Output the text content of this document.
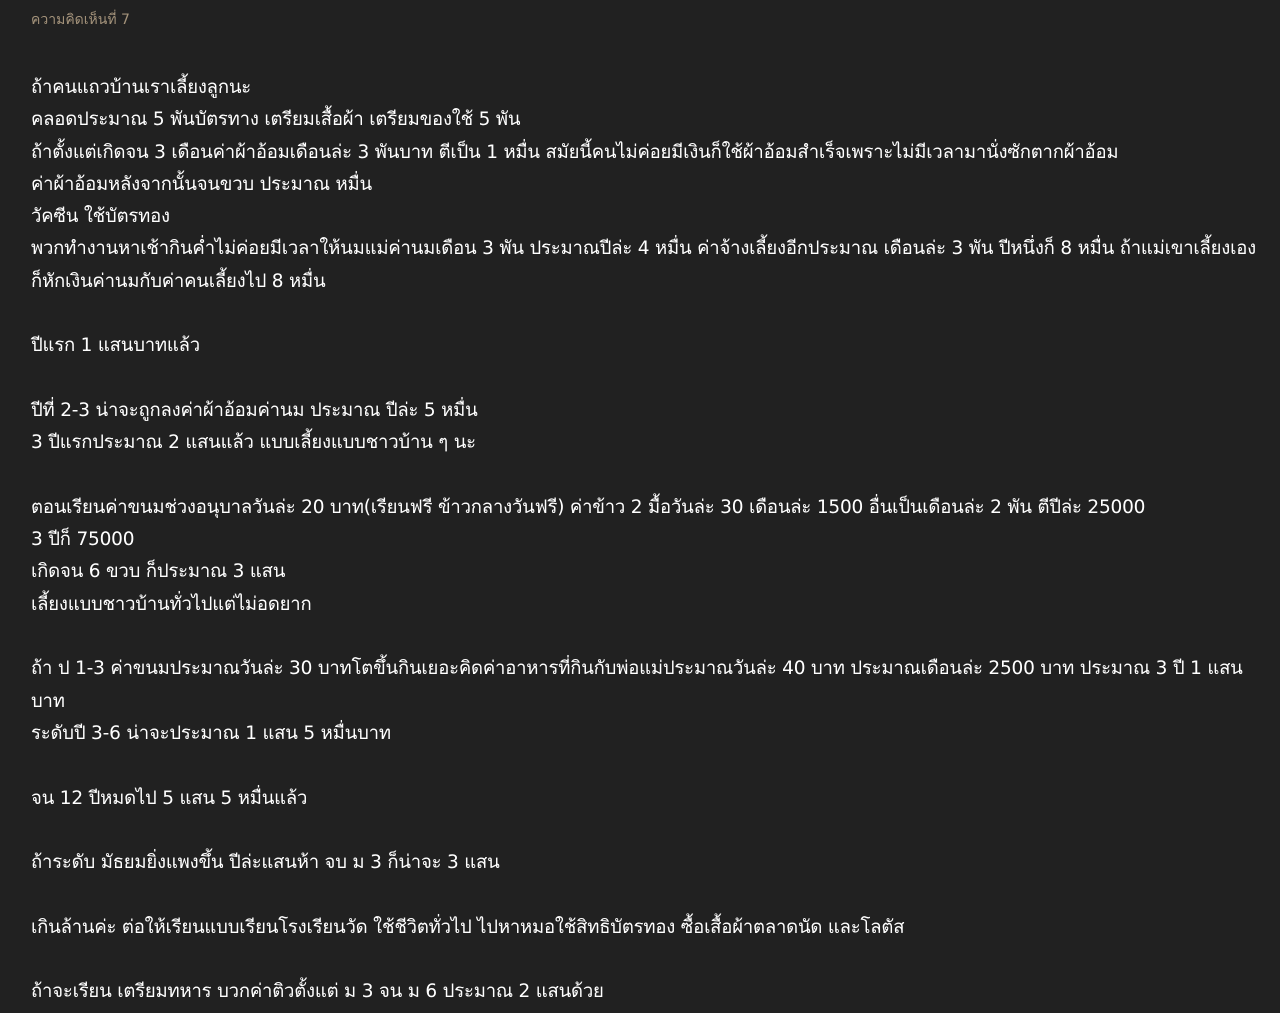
ความคิดเห็นที่ 7
ถ้าคนแถวบ้านเราเลี้ยงลูกนะ
คลอดประมาณ 5 พันบัตรทาง เตรียมเสื้อผ้า เตรียมของใช้ 5 พัน
ถ้าตั้งแต่เกิดจน 3 เดือนค่าผ้าอ้อมเดือนล่ะ 3 พันบาท ตีเป็น 1 หมื่น สมัยนี้คนไม่ค่อยมีเงินก็ใช้ผ้าอ้อมสำเร็จเพราะไม่มีเวลามานั่งซักตากผ้าอ้อม
ค่าผ้าอ้อมหลังจากนั้นจนขวบ ประมาณ หมื่น
วัคซีน ใช้บัตรทอง
พวกทำงานหาเช้ากินค่ำไม่ค่อยมีเวลาให้นมแม่ค่านมเดือน 3 พัน ประมาณปีล่ะ 4 หมื่น ค่าจ้างเลี้ยงอีกประมาณ เดือนล่ะ 3 พัน ปีหนึ่งก็ 8 หมื่น ถ้าแม่เขาเลี้ยงเองก็หักเงินค่านมกับค่าคนเลี้ยงไป 8 หมื่น
ปีแรก 1 แสนบาทแล้ว
ปีที่ 2-3 น่าจะถูกลงค่าผ้าอ้อมค่านม ประมาณ ปีล่ะ 5 หมื่น
3 ปีแรกประมาณ 2 แสนแล้ว แบบเลี้ยงแบบชาวบ้าน ๆ นะ
ตอนเรียนค่าขนมช่วงอนุบาลวันล่ะ 20 บาท(เรียนฟรี ข้าวกลางวันฟรี) ค่าข้าว 2 มื้อวันล่ะ 30 เดือนล่ะ 1500 อื่นเป็นเดือนล่ะ 2 พัน ตีปีล่ะ 25000
3 ปีก็ 75000
เกิดจน 6 ขวบ ก็ประมาณ 3 แสน
เลี้ยงแบบชาวบ้านทั่วไปแต่ไม่อดยาก
ถ้า ป 1-3 ค่าขนมประมาณวันล่ะ 30 บาทโตขึ้นกินเยอะคิดค่าอาหารที่กินกับพ่อแม่ประมาณวันล่ะ 40 บาท ประมาณเดือนล่ะ 2500 บาท ประมาณ 3 ปี 1 แสนบาท
ระดับปี 3-6 น่าจะประมาณ 1 แสน 5 หมื่นบาท
จน 12 ปีหมดไป 5 แสน 5 หมื่นแล้ว
ถ้าระดับ มัธยมยิ่งแพงขึ้น ปีล่ะแสนห้า จบ ม 3 ก็น่าจะ 3 แสน
เกินล้านค่ะ ต่อให้เรียนแบบเรียนโรงเรียนวัด ใช้ชีวิตทั่วไป ไปหาหมอใช้สิทธิบัตรทอง ซื้อเสื้อผ้าตลาดนัด และโลตัส
ถ้าจะเรียน เตรียมทหาร บวกค่าติวตั้งแต่ ม 3 จน ม 6 ประมาณ 2 แสนด้วย
